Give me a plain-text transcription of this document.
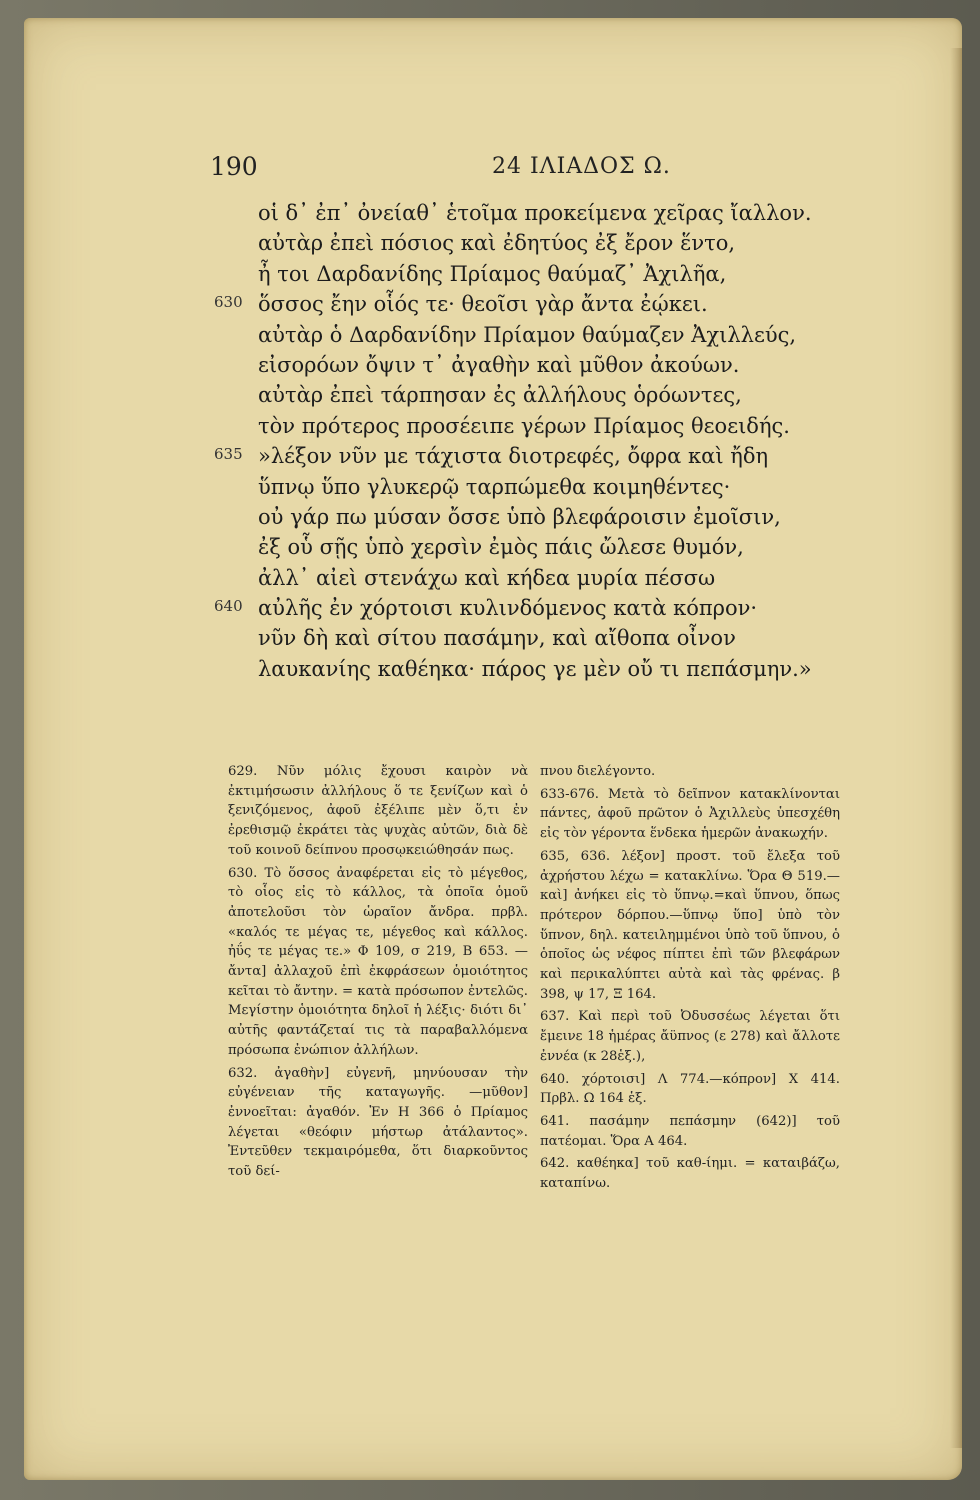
190	24 ΙΛΙΑΔΟΣ Ω.
οἱ δ᾽ ἐπ᾽ ὀνείαθ᾽ ἑτοῖμα προκείμενα χεῖρας ἴαλλον.
αὐτὰρ ἐπεὶ πόσιος καὶ ἐδητύος ἐξ ἔρον ἕντο,
ἦ τοι Δαρδανίδης Πρίαμος θαύμαζ᾽ Ἀχιλῆα,
630 ὅσσος ἔην οἷός τε· θεοῖσι γὰρ ἄντα ἐῴκει.
αὐτὰρ ὁ Δαρδανίδην Πρίαμον θαύμαζεν Ἀχιλλεύς,
εἰσορόων ὄψιν τ᾽ ἀγαθὴν καὶ μῦθον ἀκούων.
αὐτὰρ ἐπεὶ τάρπησαν ἐς ἀλλήλους ὁρόωντες,
τὸν πρότερος προσέειπε γέρων Πρίαμος θεοειδής.
635 »λέξον νῦν με τάχιστα διοτρεφές, ὄφρα καὶ ἤδη
ὕπνῳ ὕπο γλυκερῷ ταρπώμεθα κοιμηθέντες·
οὐ γάρ πω μύσαν ὄσσε ὑπὸ βλεφάροισιν ἐμοῖσιν,
ἐξ οὗ σῇς ὑπὸ χερσὶν ἐμὸς πάις ὤλεσε θυμόν,
ἀλλ᾽ αἰεὶ στενάχω καὶ κήδεα μυρία πέσσω
640 αὐλῆς ἐν χόρτοισι κυλινδόμενος κατὰ κόπρον·
νῦν δὴ καὶ σίτου πασάμην, καὶ αἴθοπα οἶνον
λαυκανίης καθέηκα· πάρος γε μὲν οὔ τι πεπάσμην.»

629. Νῦν μόλις ἔχουσι καιρὸν νὰ ἐκτιμήσωσιν ἀλλήλους ὅ τε ξενίζων καὶ ὁ ξενιζόμενος, ἀφοῦ ἐξέλιπε μὲν ὅ,τι ἐν ἐρεθισμῷ ἐκράτει τὰς ψυχὰς αὐτῶν, διὰ δὲ τοῦ κοινοῦ δείπνου προσῳκειώθησάν πως.

630. Τὸ ὅσσος ἀναφέρεται εἰς τὸ μέγεθος, τὸ οἷος εἰς τὸ κάλλος, τὰ ὁποῖα ὁμοῦ ἀποτελοῦσι τὸν ὡραῖον ἄνδρα. πρβλ. «καλός τε μέγας τε, μέγεθος καὶ κάλλος. ἠΰς τε μέγας τε.» Φ 109, σ 219, Β 653. — ἄντα] ἀλλαχοῦ ἐπὶ ἐκφράσεων ὁμοιότητος κεῖται τὸ ἄντην. = κατὰ πρόσωπον ἐντελῶς. Μεγίστην ὁμοιότητα δηλοῖ ἡ λέξις· διότι δι᾽ αὐτῆς φαντάζεταί τις τὰ παραβαλλόμενα πρόσωπα ἐνώπιον ἀλλήλων.

632. ἀγαθὴν] εὐγενῆ, μηνύουσαν τὴν εὐγένειαν τῆς καταγωγῆς. —μῦθον] ἐννοεῖται: ἀγαθόν. Ἐν Η 366 ὁ Πρίαμος λέγεται «θεόφιν μήστωρ ἀτάλαντος». Ἐντεῦθεν τεκμαιρόμεθα, ὅτι διαρκοῦντος τοῦ δεί-

πνου διελέγοντο.

633-676. Μετὰ τὸ δεῖπνον κατακλίνονται πάντες, ἀφοῦ πρῶτον ὁ Ἀχιλλεὺς ὑπεσχέθη εἰς τὸν γέροντα ἕνδεκα ἡμερῶν ἀνακωχήν.

635, 636. λέξον] προστ. τοῦ ἔλεξα τοῦ ἀχρήστου λέχω = κατακλίνω. Ὅρα Θ 519.—καὶ] ἀνήκει εἰς τὸ ὕπνῳ.=καὶ ὕπνου, ὅπως πρότερον δόρπου.—ὕπνῳ ὕπο] ὑπὸ τὸν ὕπνον, δηλ. κατειλημμένοι ὑπὸ τοῦ ὕπνου, ὁ ὁποῖος ὡς νέφος πίπτει ἐπὶ τῶν βλεφάρων καὶ περικαλύπτει αὐτὰ καὶ τὰς φρένας. β 398, ψ 17, Ξ 164.

637. Καὶ περὶ τοῦ Ὀδυσσέως λέγεται ὅτι ἔμεινε 18 ἡμέρας ἄϋπνος (ε 278) καὶ ἄλλοτε ἐννέα (κ 28ἑξ.),

640. χόρτοισι] Λ 774.—κόπρον] Χ 414. Πρβλ. Ω 164 ἑξ.

641. πασάμην πεπάσμην (642)] τοῦ πατέομαι. Ὅρα Α 464.

642. καθέηκα] τοῦ καθ-ίημι. = καταιβάζω, καταπίνω.
